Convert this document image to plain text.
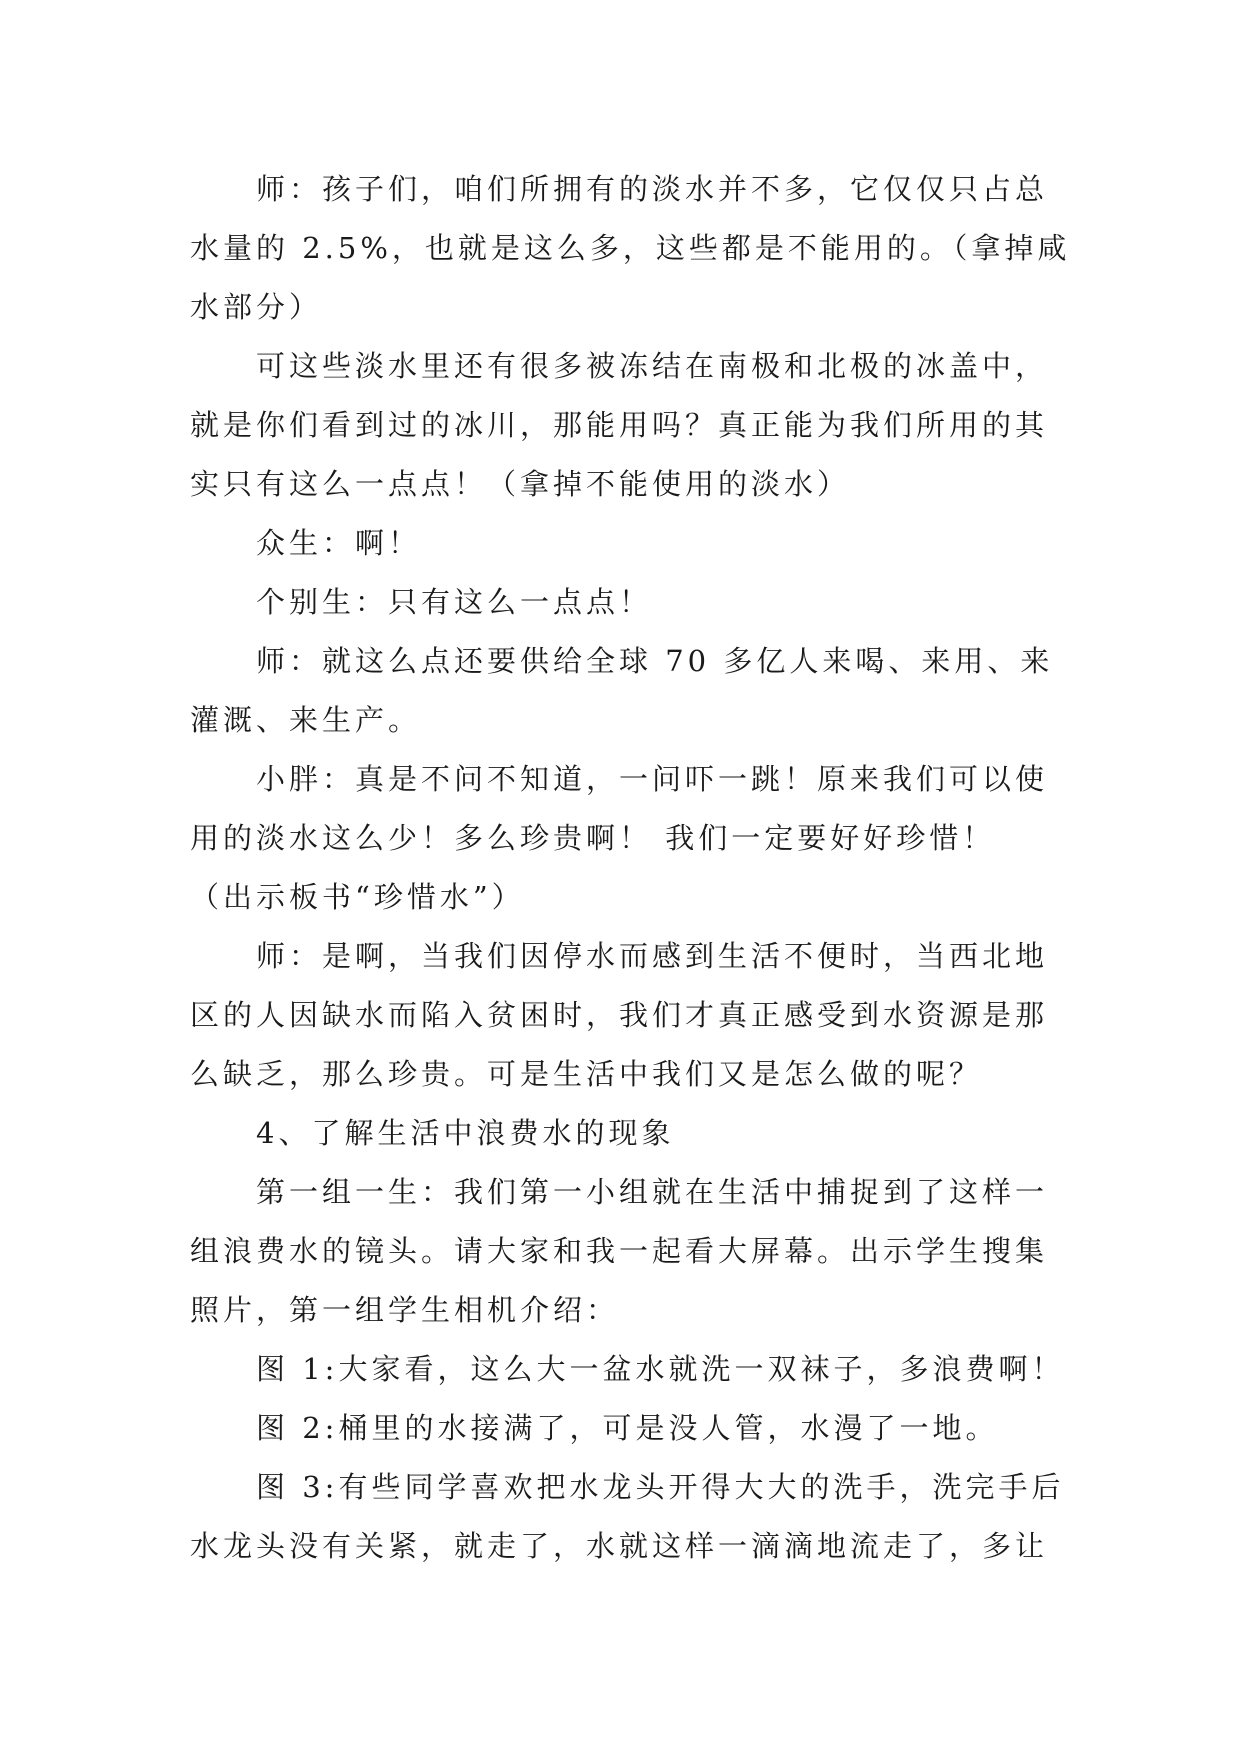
师：孩子们，咱们所拥有的淡水并不多，它仅仅只占总
水量的 2.5%，也就是这么多，这些都是不能用的。（拿掉咸
水部分）
可这些淡水里还有很多被冻结在南极和北极的冰盖中，
就是你们看到过的冰川，那能用吗？真正能为我们所用的其
实只有这么一点点！（拿掉不能使用的淡水）
众生：啊！
个别生：只有这么一点点！
师：就这么点还要供给全球 70 多亿人来喝、来用、来
灌溉、来生产。
小胖：真是不问不知道，一问吓一跳！原来我们可以使
用的淡水这么少！多么珍贵啊！ 我们一定要好好珍惜！
（出示板书“珍惜水”）
师：是啊，当我们因停水而感到生活不便时，当西北地
区的人因缺水而陷入贫困时，我们才真正感受到水资源是那
么缺乏，那么珍贵。可是生活中我们又是怎么做的呢？
4、了解生活中浪费水的现象
第一组一生：我们第一小组就在生活中捕捉到了这样一
组浪费水的镜头。请大家和我一起看大屏幕。出示学生搜集
照片，第一组学生相机介绍：
图 1:大家看，这么大一盆水就洗一双袜子，多浪费啊！
图 2:桶里的水接满了，可是没人管，水漫了一地。
图 3:有些同学喜欢把水龙头开得大大的洗手，洗完手后
水龙头没有关紧，就走了，水就这样一滴滴地流走了，多让
